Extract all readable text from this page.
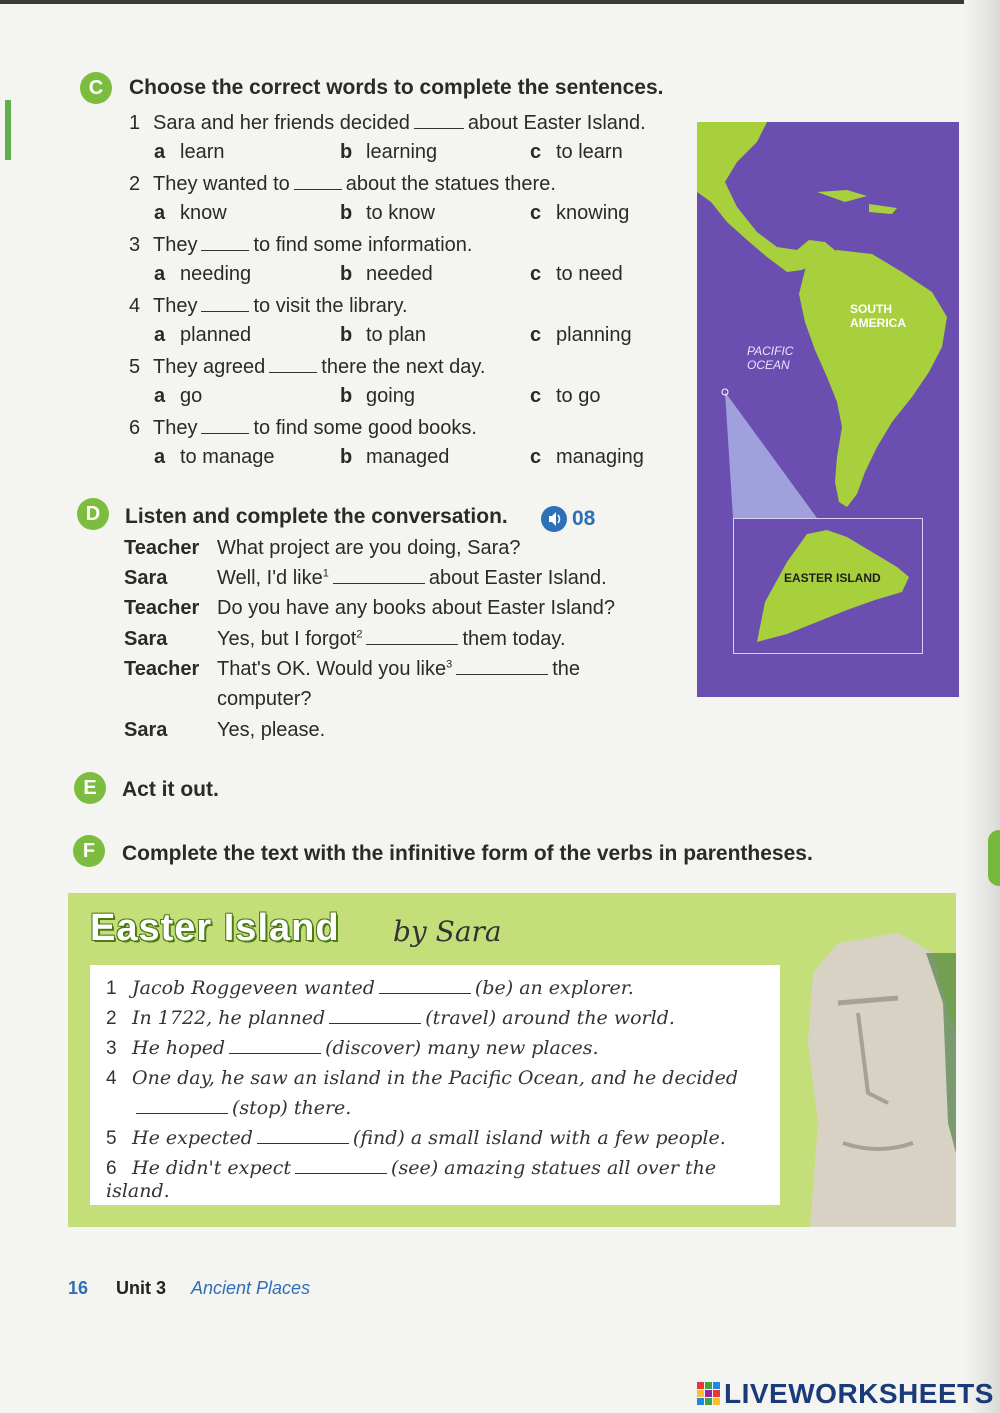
C	Choose the correct words to complete the sentences.
1 Sara and her friends decided	about Easter Island.
a learn	b learning	c to learn
2 They wanted to	about the statues there.
a know	b to know	c knowing
3 They	to find some information.
a needing	b needed	c to need
4 They	to visit the library.
a planned	b to plan	c planning
5 They agreed	there the next day.
a go	b going	c to go
6 They	to find some good books.
a to manage	b managed	c managing
SOUTH AMERICA
PACIFIC OCEAN
EASTER ISLAND
D	Listen and complete the conversation.	08
Teacher What project are you doing, Sara?
Sara Well, I'd like$^1$	about Easter Island.
Teacher Do you have any books about Easter Island?
Sara Yes, but I forgot$^2$	them today.
Teacher That's OK. Would you like$^3$	the
computer?
Sara Yes, please.
E	Act it out.
F	Complete the text with the infinitive form of the verbs in parentheses.
Easter Island by Sara
1 Jacob Roggeveen wanted	(be) an explorer.
2 In 1722, he planned	(travel) around the world.
3 He hoped	(discover) many new places.
4 One day, he saw an island in the Pacific Ocean, and he decided
(stop) there.
5 He expected	(find) a small island with a few people.
6 He didn't expect	(see) amazing statues all over the island.
16 Unit 3 Ancient Places
LIVEWORKSHEETS
